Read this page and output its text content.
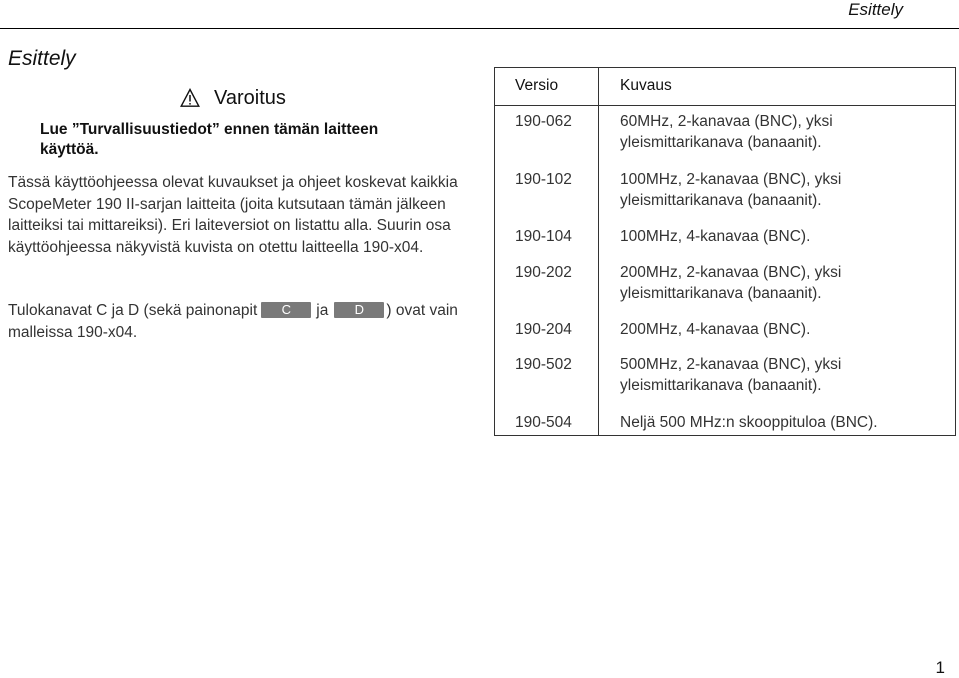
Esittely
Esittely
Varoitus

Lue ”Turvallisuustiedot” ennen tämän laitteen käyttöä.

Tässä käyttöohjeessa olevat kuvaukset ja ohjeet koskevat kaikkia ScopeMeter 190 II-sarjan laitteita (joita kutsutaan tämän jälkeen laitteiksi tai mittareiksi). Eri laiteversiot on listattu alla. Suurin osa käyttöohjeessa näkyvistä kuvista on otettu laitteella 190-x04.

Tulokanavat C ja D (sekä painonapit C ja D ) ovat vain malleissa 190-x04.

Versio	Kuvaus
190-062	60MHz, 2-kanavaa (BNC), yksi yleismittarikanava (banaanit).
190-102	100MHz, 2-kanavaa (BNC), yksi yleismittarikanava (banaanit).
190-104	100MHz, 4-kanavaa (BNC).
190-202	200MHz, 2-kanavaa (BNC), yksi yleismittarikanava (banaanit).
190-204	200MHz, 4-kanavaa (BNC).
190-502	500MHz, 2-kanavaa (BNC), yksi yleismittarikanava (banaanit).
190-504	Neljä 500 MHz:n skooppituloa (BNC).
1
